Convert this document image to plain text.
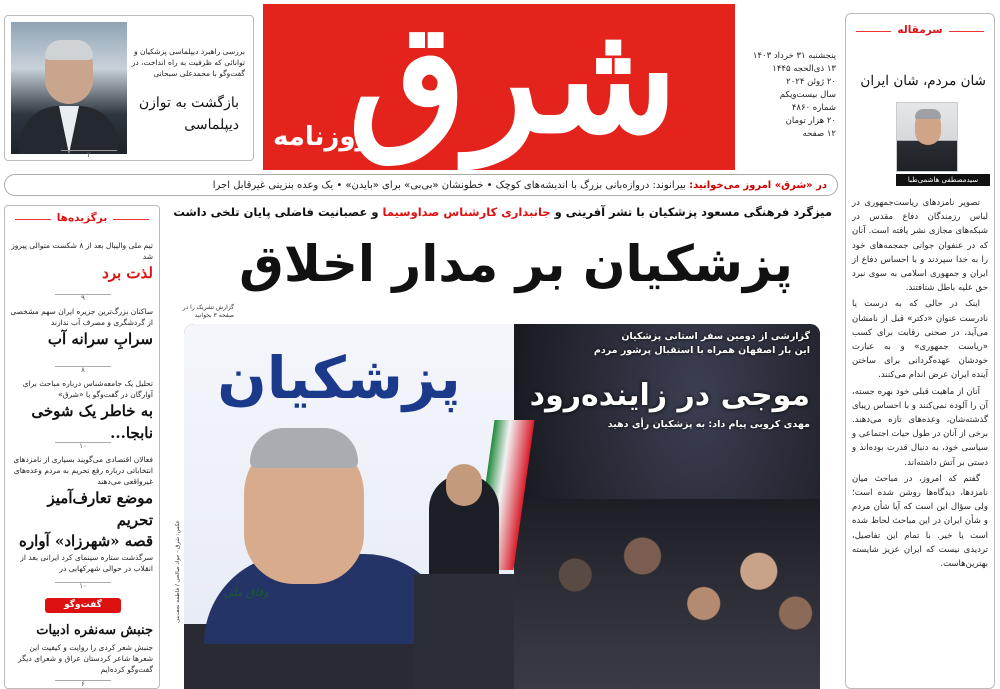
بررسی راهبرد دیپلماسی پزشکیان و توانائی که ظرفیت به راه انداخت، در گفت‌وگو با محمدعلی سبحانی
بازگشت به توازن دیپلماسی
۲ شرق
روزنامه
پنجشنبه ۳۱ خرداد ۱۴۰۳
۱۳ ذی‌الحجه ۱۴۴۵
۲۰ ژوئن ۲۰۲۴
سال بیست‌ویکم
شماره ۴۸۶۰
۲۰ هزار تومان
۱۲ صفحه
در «شرق» امروز می‌خوانید: بیرانوند: دروازه‌بانی بزرگ با اندیشه‌های کوچک • خطونشان «بی‌بی» برای «بایدن» • یک وعده بنزینی غیرقابل اجرا
برگزیده‌ها
تیم ملی والیبال بعد از ۸ شکست متوالی پیروز شد
لذت برد
۹
ساکنان بزرگ‌ترین جزیره ایران سهم مشخصی از گردشگری و مصرف آب ندارند
سرابِ سرانه آب
۸
تحلیل یک جامعه‌شناس درباره مباحث برای آوارگان در گفت‌وگو با «شرق»
به خاطر یک شوخی نابجا...
۱۰
فعالان اقتصادی می‌گویند بسیاری از نامزدهای انتخاباتی درباره رفع تحریم به مردم وعده‌های غیرواقعی می‌دهند
موضع تعارف‌آمیز تحریم
قصه «شهرزاد» آواره
سرگذشت ستاره سینمای کرد ایرانی بعد از انقلاب در حوالی شهرکهایی در
۱۰
گفت‌وگو
جنبش سه‌نفره ادبیات
جنبش شعر کردی را روایت و کیفیت این شعرها شاعر کردستان عراق و شعرای دیگر گفت‌وگو کرده‌ایم
۶
میزگرد فرهنگی مسعود پزشکیان با تشر آفرینی و جانبداری کارشناس صداوسیما و عصبانیت فاضلی پایان تلخی داشت
پزشکیان بر مدار اخلاق
گزارش تشریک را در صفحه ۳ بخوانید
پزشکیان
وفاق ملی
گزارشی از دومین سفر استانی پزشکیان
این بار اصفهان همراه با استقبال پرشور مردم
موجی در زاینده‌رود
مهدی کروبی پیام داد: به پزشکیان رأی دهید
عکس: شرق - جواد صالحی / فاطمه نجف‌بنی
سرمقاله
شان مردم، شان ایران
سیدمصطفی هاشمی‌طبا

تصویر نامزدهای ریاست‌جمهوری در لباس رزمندگان دفاع مقدس در شبکه‌های مجازی نشر یافته است. آنان که در عنفوان جوانی جمجمه‌های خود را به خدا سپردند و با احساس دفاع از ایران و جمهوری اسلامی به سوی نبرد حق علیه باطل شتافتند.

اینک در حالی که به درست یا نادرست عنوان «دکتر» قبل از نامشان می‌آید، در صحنی رقابت برای کسب «ریاست جمهوری» و به عبارت خودشان عهده‌گردانی برای ساختن آینده ایران عرض اندام می‌کنند.

آنان از ماهیت قبلی خود بهره جسته، آن را آلوده نمی‌کنند و با احساس زیبای گذشته‌شان، وعده‌های تازه می‌دهند. برخی از آنان در طول حیات اجتماعی و سیاسی خود، به دنبال قدرت بوده‌اند و دستی بر آتش داشته‌اند.

گفتم که امروز، در مباحث میان نامزدها، دیدگاه‌ها روشن شده است؛ ولی سؤال این است که آیا شأن مردم و شأن ایران در این مباحث لحاظ شده است یا خیر. با تمام این تفاصیل، تردیدی نیست که ایران عزیز شایسته بهترین‌هاست.
